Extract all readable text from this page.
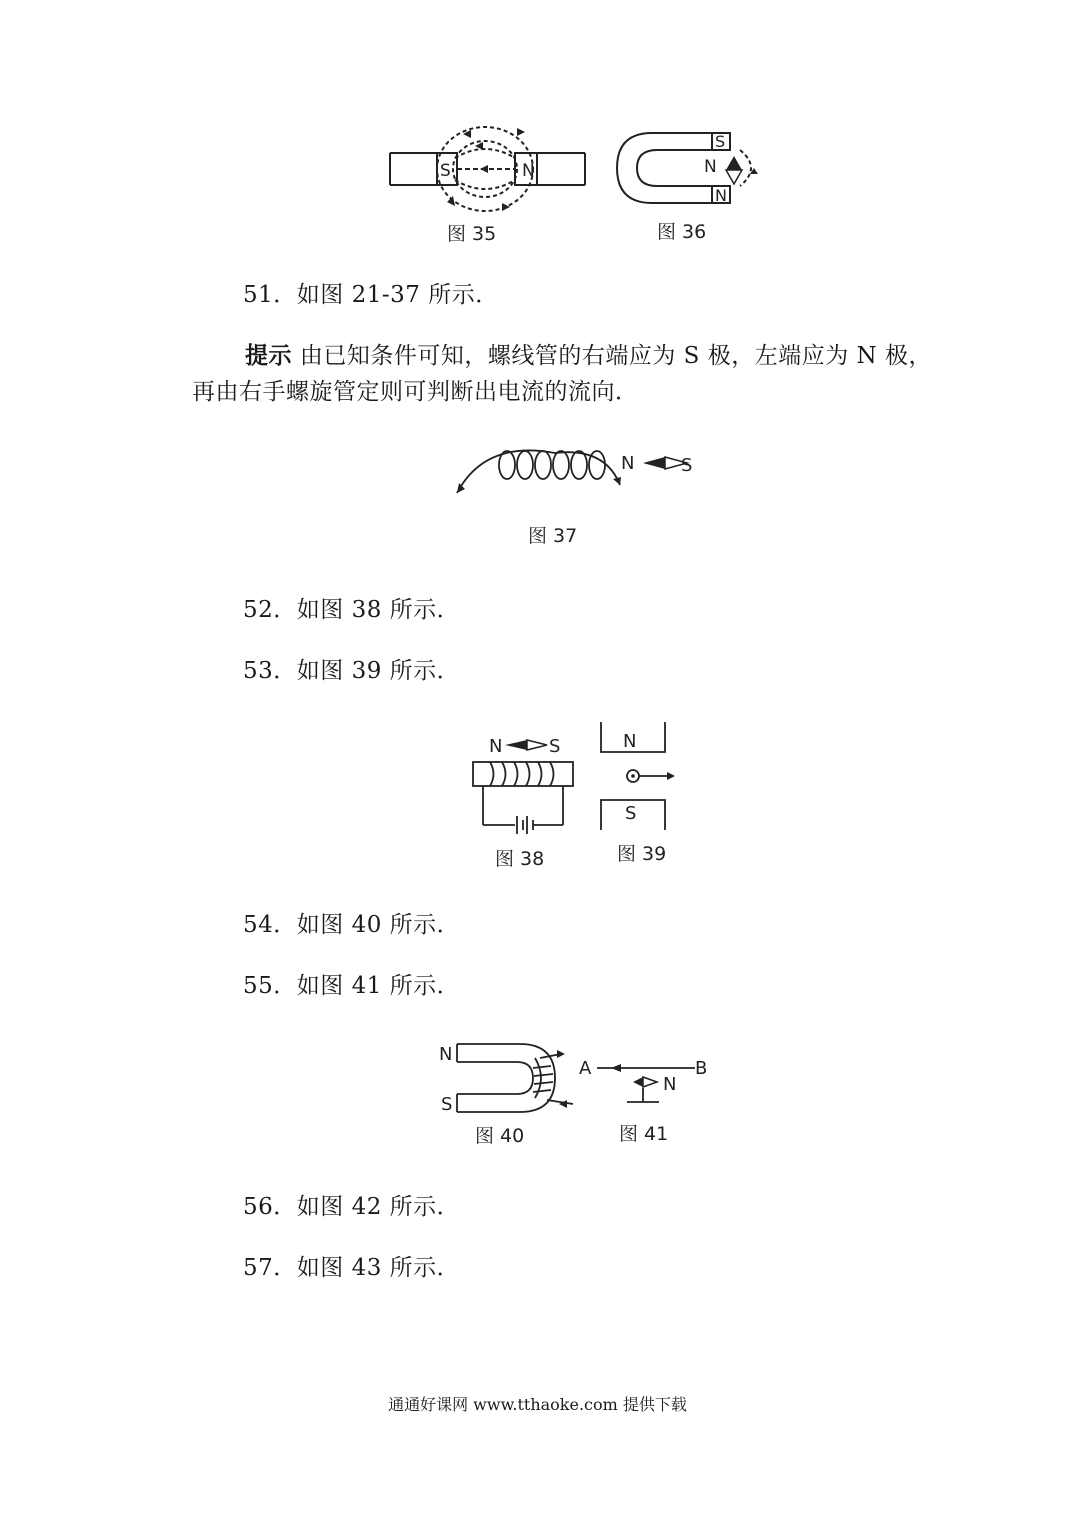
S	N
图 35
S
N
N
图 36
51．如图 21-37 所示．
提示 由已知条件可知，螺线管的右端应为 S 极，左端应为 N 极，
再由右手螺旋管定则可判断出电流的流向．
N	S
图 37
52．如图 38 所示．
53．如图 39 所示．
N	S
图 38
N
S
图 39
54．如图 40 所示．
55．如图 41 所示．
N
S
图 40
A	B
N
图 41
56．如图 42 所示．
57．如图 43 所示．
通通好课网 www.tthaoke.com 提供下载
